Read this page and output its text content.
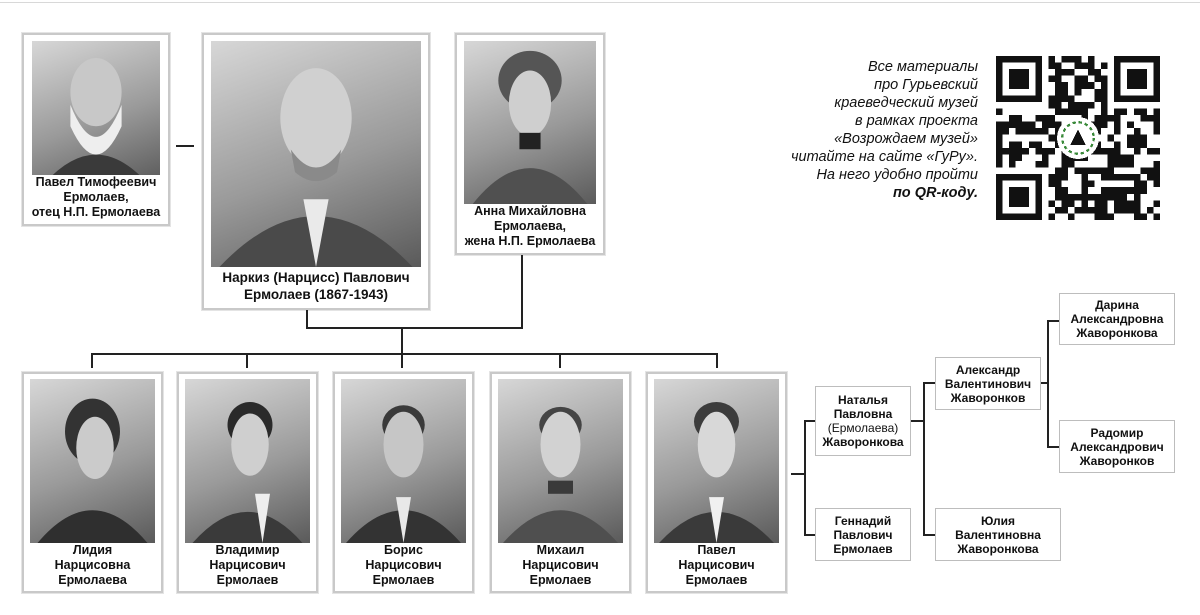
Павел Тимофеевич
Ермолаев,
отец Н.П. Ермолаева
Наркиз (Нарцисс) Павлович
Ермолаев (1867-1943)
Анна Михайловна
Ермолаева,
жена Н.П. Ермолаева
Лидия
Нарцисовна
Ермолаева
Владимир
Нарцисович
Ермолаев
Борис
Нарцисович
Ермолаев
Михаил
Нарцисович
Ермолаев
Павел
Нарцисович
Ермолаев
Наталья
Павловна
(Ермолаева)
Жаворонкова
Геннадий
Павлович
Ермолаев
Александр
Валентинович
Жаворонков
Юлия
Валентиновна
Жаворонкова
Дарина
Александровна
Жаворонкова
Радомир
Александрович
Жаворонков
Все материалы
про Гурьевский
краеведческий музей
в рамках проекта
«Возрождаем музей»
читайте на сайте «ГуРу».
На него удобно пройти
по QR-коду.
